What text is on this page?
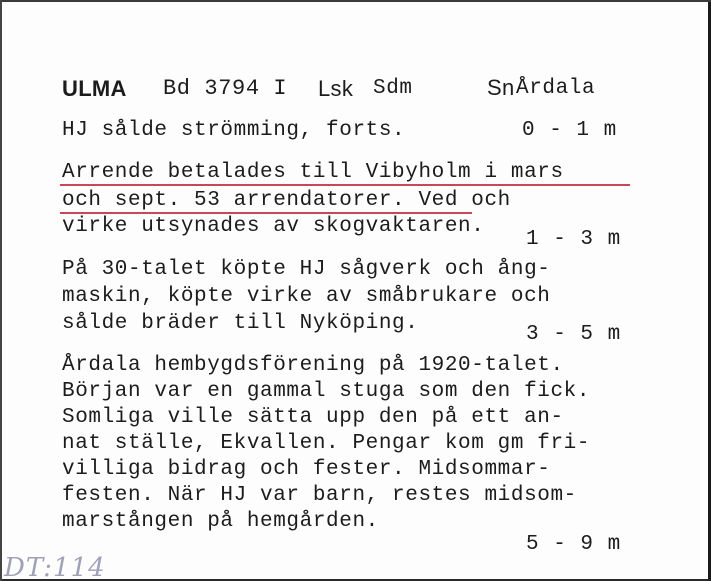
ULMA Bd 3794 I Lsk Sdm	Sn Årdala
HJ sålde strömming, forts.	0 - 1 m
Arrende betalades till Vibyholm i mars
och sept. 53 arrendatorer. Ved och
virke utsynades av skogvaktaren.
1 - 3 m
På 30-talet köpte HJ sågverk och ång-
maskin, köpte virke av småbrukare och
sålde bräder till Nyköping.	3 - 5 m
Årdala hembygdsförening på 1920-talet.
Början var en gammal stuga som den fick.
Somliga ville sätta upp den på ett an-
nat ställe, Ekvallen. Pengar kom gm fri-
villiga bidrag och fester. Midsommar-
festen. När HJ var barn, restes midsom-
marstången på hemgården.
5 - 9 m
DT:114
